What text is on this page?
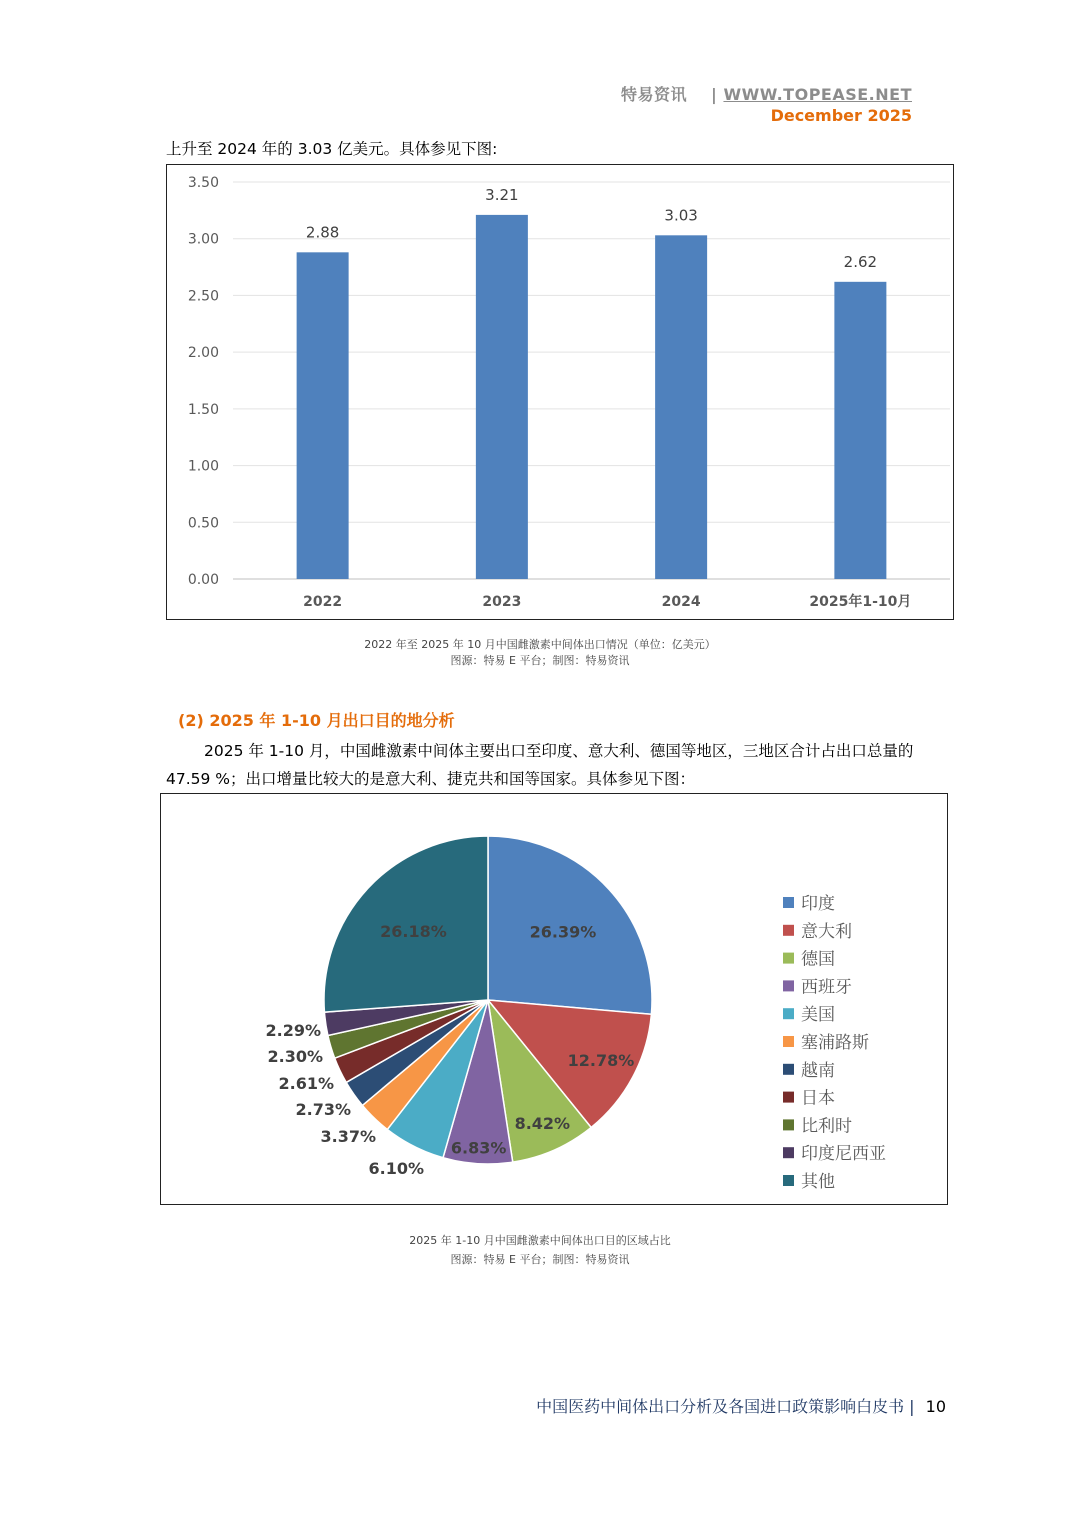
特易资讯 | WWW.TOPEASE.NET
December 2025
上升至 2024 年的 3.03 亿美元。具体参见下图:
0.00
0.50
1.00
1.50
2.00
2.50
3.00
3.50
2.88
2022
3.21
2023
3.03
2024
2.62
2025年1-10月
2022 年至 2025 年 10 月中国雌激素中间体出口情况（单位：亿美元）
图源：特易 E 平台；制图：特易资讯
(2) 2025 年 1-10 月出口目的地分析
2025 年 1-10 月，中国雌激素中间体主要出口至印度、意大利、德国等地区，三地区合计占出口总量的
47.59 %；出口增量比较大的是意大利、捷克共和国等国家。具体参见下图：
26.39%
12.78%
8.42%
6.83%
6.10%
3.37%
2.73%
2.61%
2.30%
2.29%
26.18%
印度
意大利
德国
西班牙
美国
塞浦路斯
越南
日本
比利时
印度尼西亚
其他
2025 年 1-10 月中国雌激素中间体出口目的区域占比
图源：特易 E 平台；制图：特易资讯
中国医药中间体出口分析及各国进口政策影响白皮书 | 10
